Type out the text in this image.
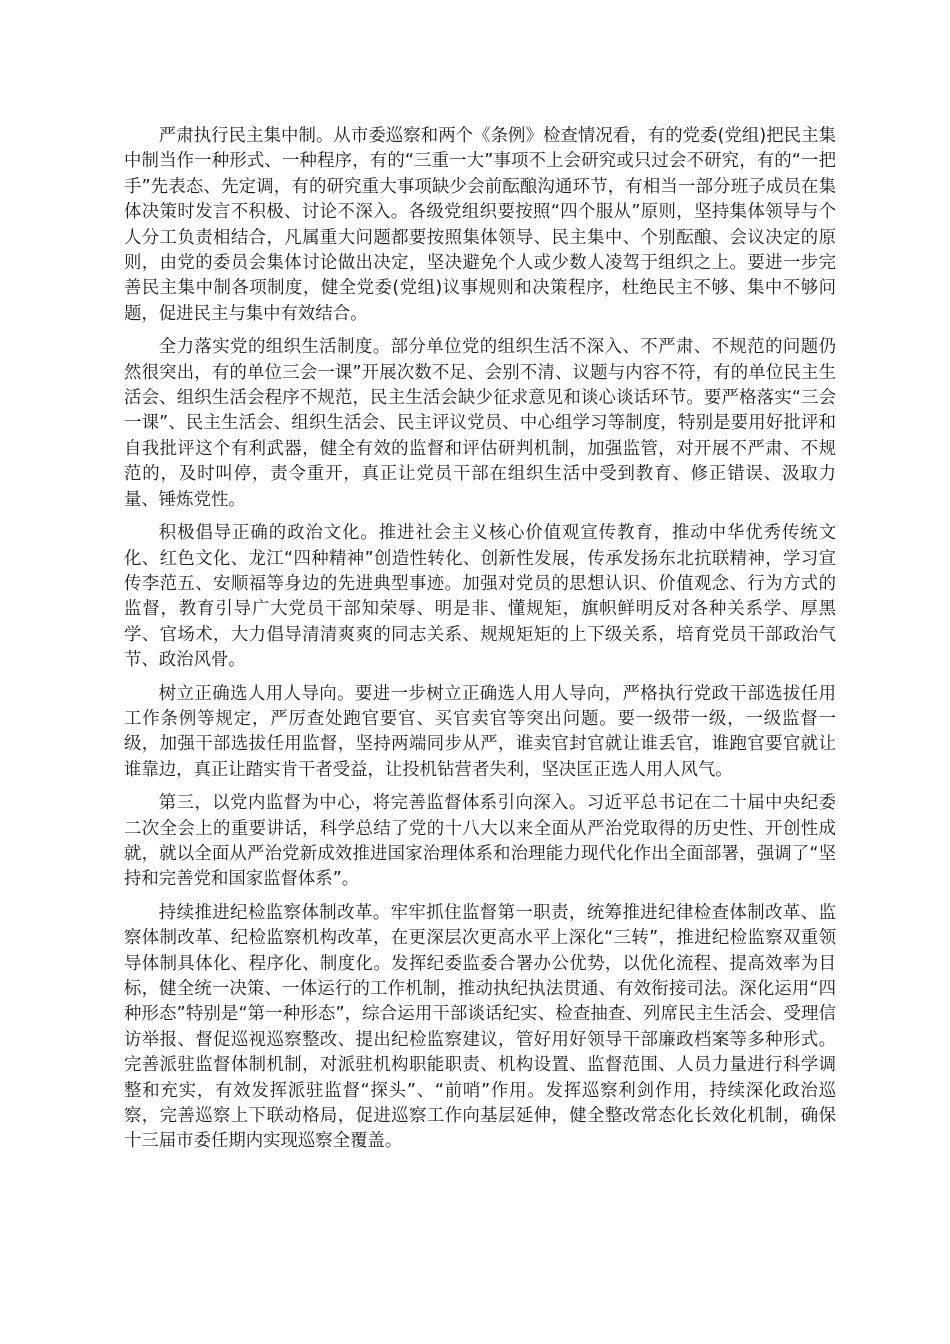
严肃执行民主集中制。从市委巡察和两个《条例》检查情况看，有的党委(党组)把民主集中制当作一种形式、一种程序，有的“三重一大”事项不上会研究或只过会不研究，有的“一把手”先表态、先定调，有的研究重大事项缺少会前酝酿沟通环节，有相当一部分班子成员在集体决策时发言不积极、讨论不深入。各级党组织要按照“四个服从”原则，坚持集体领导与个人分工负责相结合，凡属重大问题都要按照集体领导、民主集中、个别酝酿、会议决定的原则，由党的委员会集体讨论做出决定，坚决避免个人或少数人凌驾于组织之上。要进一步完善民主集中制各项制度，健全党委(党组)议事规则和决策程序，杜绝民主不够、集中不够问题，促进民主与集中有效结合。

全力落实党的组织生活制度。部分单位党的组织生活不深入、不严肃、不规范的问题仍然很突出，有的单位三会一课”开展次数不足、会别不清、议题与内容不符，有的单位民主生活会、组织生活会程序不规范，民主生活会缺少征求意见和谈心谈话环节。要严格落实“三会一课”、民主生活会、组织生活会、民主评议党员、中心组学习等制度，特别是要用好批评和自我批评这个有利武器，健全有效的监督和评估研判机制，加强监管，对开展不严肃、不规范的，及时叫停，责令重开，真正让党员干部在组织生活中受到教育、修正错误、汲取力量、锤炼党性。

积极倡导正确的政治文化。推进社会主义核心价值观宣传教育，推动中华优秀传统文化、红色文化、龙江“四种精神”创造性转化、创新性发展，传承发扬东北抗联精神，学习宣传李范五、安顺福等身边的先进典型事迹。加强对党员的思想认识、价值观念、行为方式的监督，教育引导广大党员干部知荣辱、明是非、懂规矩，旗帜鲜明反对各种关系学、厚黑学、官场术，大力倡导清清爽爽的同志关系、规规矩矩的上下级关系，培育党员干部政治气节、政治风骨。

树立正确选人用人导向。要进一步树立正确选人用人导向，严格执行党政干部选拔任用工作条例等规定，严厉查处跑官要官、买官卖官等突出问题。要一级带一级，一级监督一级，加强干部选拔任用监督，坚持两端同步从严，谁卖官封官就让谁丢官，谁跑官要官就让谁靠边，真正让踏实肯干者受益，让投机钻营者失利，坚决匡正选人用人风气。

第三，以党内监督为中心，将完善监督体系引向深入。习近平总书记在二十届中央纪委二次全会上的重要讲话，科学总结了党的十八大以来全面从严治党取得的历史性、开创性成就，就以全面从严治党新成效推进国家治理体系和治理能力现代化作出全面部署，强调了“坚持和完善党和国家监督体系”。

持续推进纪检监察体制改革。牢牢抓住监督第一职责，统筹推进纪律检查体制改革、监察体制改革、纪检监察机构改革，在更深层次更高水平上深化“三转”，推进纪检监察双重领导体制具体化、程序化、制度化。发挥纪委监委合署办公优势，以优化流程、提高效率为目标，健全统一决策、一体运行的工作机制，推动执纪执法贯通、有效衔接司法。深化运用“四种形态”特别是“第一种形态”，综合运用干部谈话纪实、检查抽查、列席民主生活会、受理信访举报、督促巡视巡察整改、提出纪检监察建议，管好用好领导干部廉政档案等多种形式。完善派驻监督体制机制，对派驻机构职能职责、机构设置、监督范围、人员力量进行科学调整和充实，有效发挥派驻监督“探头”、“前哨”作用。发挥巡察利剑作用，持续深化政治巡察，完善巡察上下联动格局，促进巡察工作向基层延伸，健全整改常态化长效化机制，确保十三届市委任期内实现巡察全覆盖。
